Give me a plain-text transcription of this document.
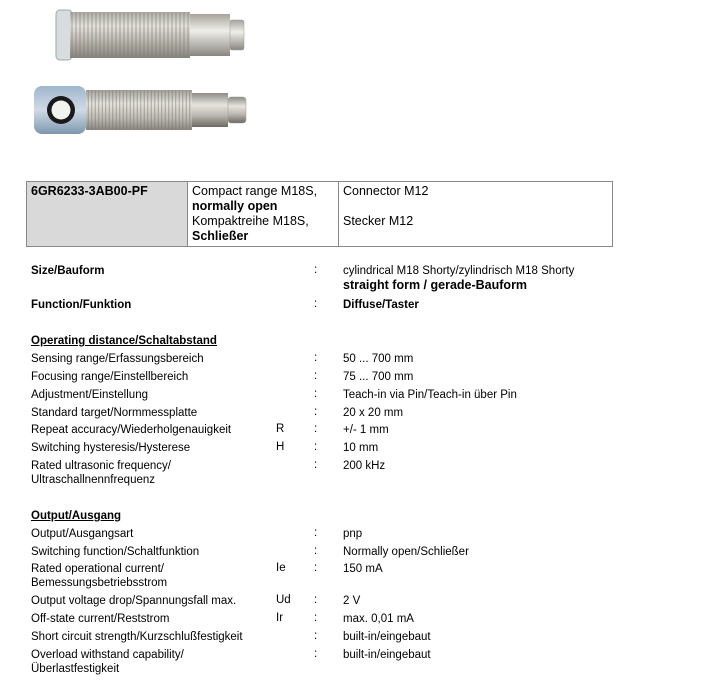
6GR6233-3AB00-PF	Compact range M18S,
normally open
Kompaktreihe M18S,
Schließer

Connector M12
Stecker M12
Size/Bauform	: cylindrical M18 Shorty/zylindrisch M18 Shorty
straight form / gerade-Bauform
Function/Funktion	: Diffuse/Taster
Operating distance/Schaltabstand
Sensing range/Erfassungsbereich	: 50 ... 700 mm
Focusing range/Einstellbereich	: 75 ... 700 mm
Adjustment/Einstellung	: Teach-in via Pin/Teach-in über Pin
Standard target/Normmessplatte	: 20 x 20 mm
Repeat accuracy/Wiederholgenauigkeit	R	: +/- 1 mm
Switching hysteresis/Hysterese	H	: 10 mm
Rated ultrasonic frequency/
Ultraschallnennfrequenz
: 200 kHz
Output/Ausgang
Output/Ausgangsart	: pnp
Switching function/Schaltfunktion	: Normally open/Schließer
Rated operational current/
Bemessungsbetriebsstrom
Ie : 150 mA
Output voltage drop/Spannungsfall max.	Ud : 2 V
Off-state current/Reststrom	Ir	: max. 0,01 mA
Short circuit strength/Kurzschlußfestigkeit	: built-in/eingebaut
Overload withstand capability/
Überlastfestigkeit
: built-in/eingebaut
